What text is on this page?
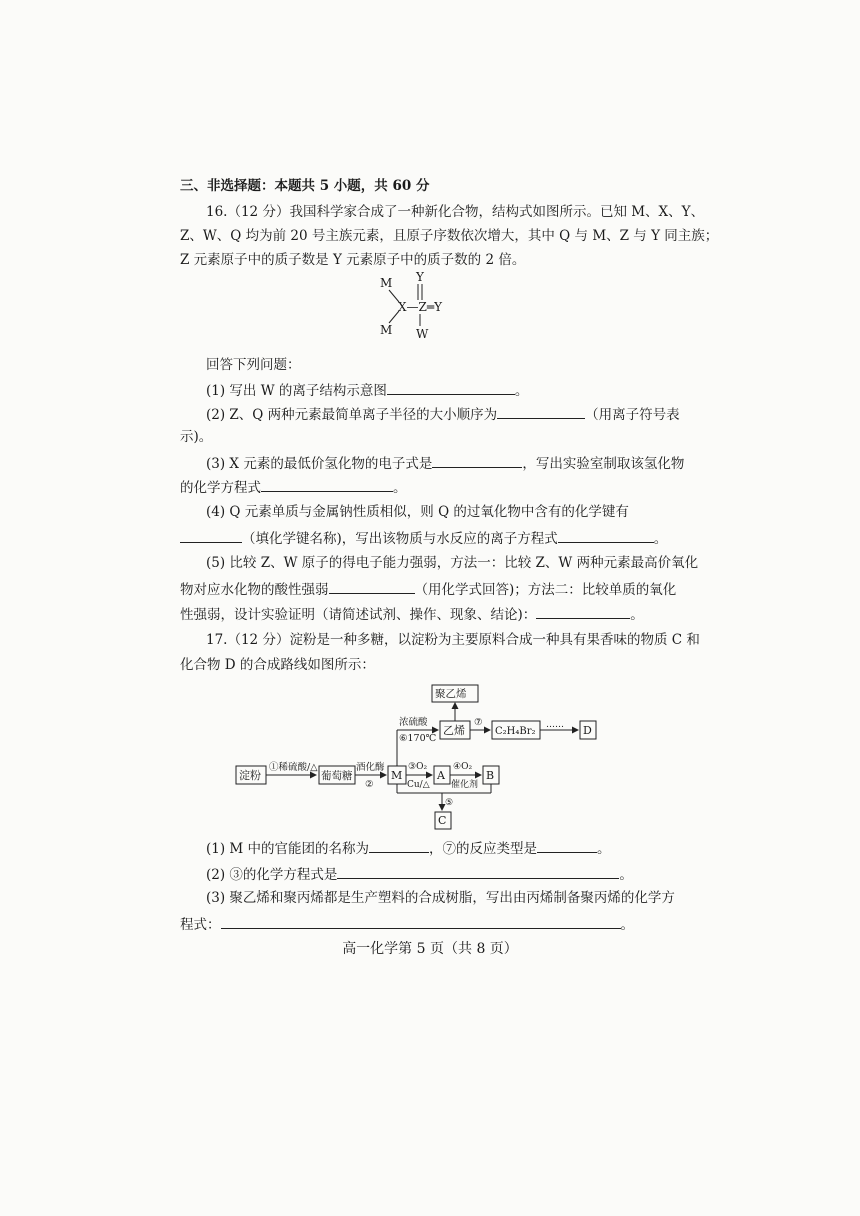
三、非选择题：本题共 5 小题，共 60 分
16.（12 分）我国科学家合成了一种新化合物，结构式如图所示。已知 M、X、Y、
Z、W、Q 均为前 20 号主族元素，且原子序数依次增大，其中 Q 与 M、Z 与 Y 同主族；
Z 元素原子中的质子数是 Y 元素原子中的质子数的 2 倍。
M
M
X—Z═Y
Y
W
回答下列问题：
(1) 写出 W 的离子结构示意图	。
(2) Z、Q 两种元素最简单离子半径的大小顺序为	（用离子符号表
示)。
(3) X 元素的最低价氢化物的电子式是	，写出实验室制取该氢化物
的化学方程式	。
(4) Q 元素单质与金属钠性质相似，则 Q 的过氧化物中含有的化学键有
（填化学键名称)，写出该物质与水反应的离子方程式	。
(5) 比较 Z、W 原子的得电子能力强弱，方法一：比较 Z、W 两种元素最高价氧化
物对应水化物的酸性强弱	（用化学式回答)；方法二：比较单质的氧化
性强弱，设计实验证明（请简述试剂、操作、现象、结论)：	。
17.（12 分）淀粉是一种多糖，以淀粉为主要原料合成一种具有果香味的物质 C 和
化合物 D 的合成路线如图所示：
淀粉
①稀硫酸/△
葡萄糖
酒化酶
②
M
浓硫酸
⑥170℃
乙烯
聚乙烯
⑦
C₂H₄Br₂
…… D
③O₂
Cu/△
A
④O₂
催化剂
B
⑤
C
(1) M 中的官能团的名称为	，⑦的反应类型是	。
(2) ③的化学方程式是	。
(3) 聚乙烯和聚丙烯都是生产塑料的合成树脂，写出由丙烯制备聚丙烯的化学方
程式：	。
高一化学第 5 页（共 8 页）
